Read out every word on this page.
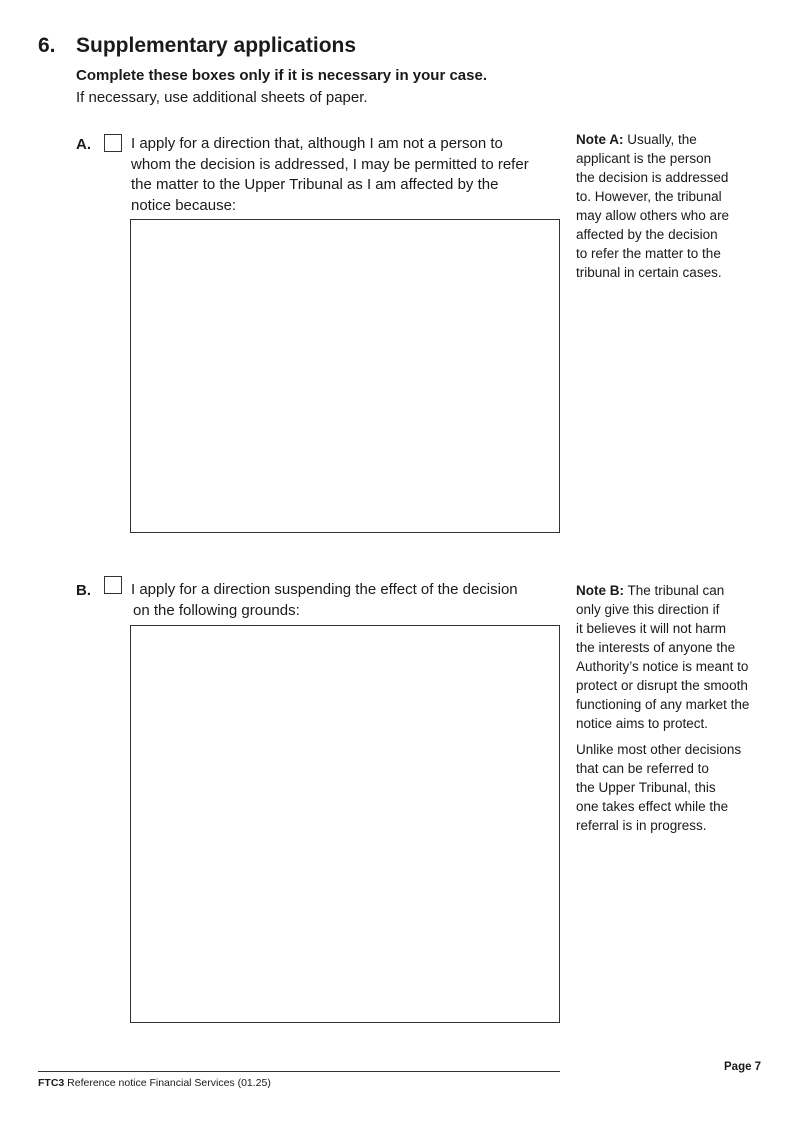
6. Supplementary applications
Complete these boxes only if it is necessary in your case.
If necessary, use additional sheets of paper.
A.	I apply for a direction that, although I am not a person to
whom the decision is addressed, I may be permitted to refer
the matter to the Upper Tribunal as I am affected by the
notice because:
Note A: Usually, the
applicant is the person
the decision is addressed
to. However, the tribunal
may allow others who are
affected by the decision
to refer the matter to the
tribunal in certain cases.
B.	I apply for a direction suspending the effect of the decision
on the following grounds:
Note B: The tribunal can
only give this direction if
it believes it will not harm
the interests of anyone the
Authority’s notice is meant to
protect or disrupt the smooth
functioning of any market the
notice aims to protect.
Unlike most other decisions
that can be referred to
the Upper Tribunal, this
one takes effect while the
referral is in progress.
Page 7
FTC3 Reference notice Financial Services (01.25)
